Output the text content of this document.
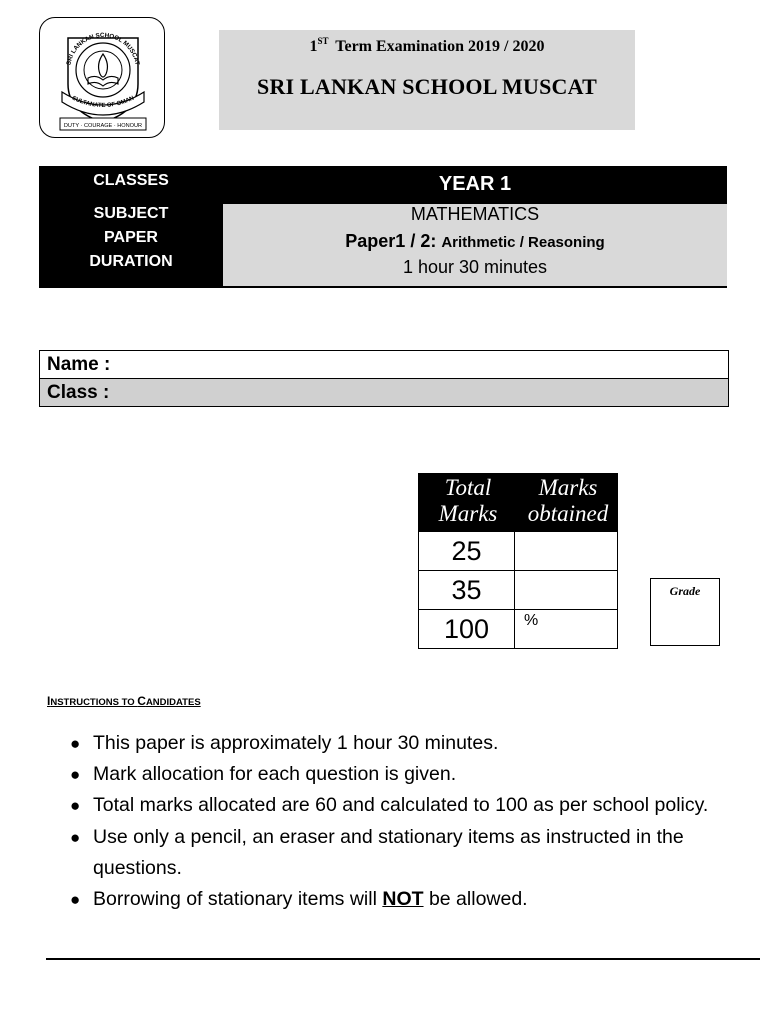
SRI LANKAN SCHOOL MUSCAT
SULTANATE OF OMAN
DUTY · COURAGE · HONOUR
1ST Term Examination 2019 / 2020
SRI LANKAN SCHOOL MUSCAT
CLASSES
SUBJECT
PAPER
DURATION
YEAR 1
MATHEMATICS
Paper1 / 2: Arithmetic / Reasoning
1 hour 30 minutes
Name :
Class :
Total
Marks
Marks
obtained
25
35
100	%
Grade
INSTRUCTIONS TO CANDIDATES
● This paper is approximately 1 hour 30 minutes.
● Mark allocation for each question is given.
● Total marks allocated are 60 and calculated to 100 as per school policy.
● Use only a pencil, an eraser and stationary items as instructed in the questions.
● Borrowing of stationary items will NOT be allowed.
